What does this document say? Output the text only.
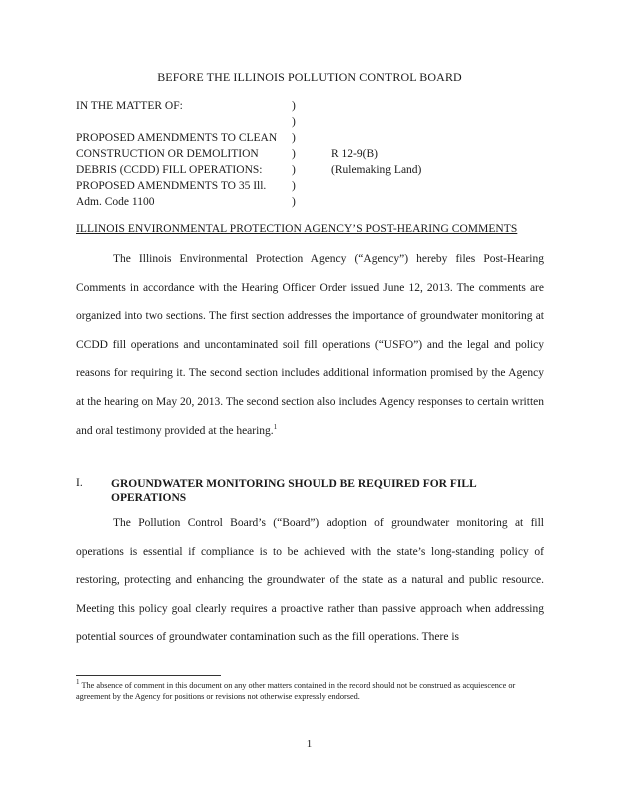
BEFORE THE ILLINOIS POLLUTION CONTROL BOARD
IN THE MATTER OF:
PROPOSED AMENDMENTS TO CLEAN
CONSTRUCTION OR DEMOLITION
DEBRIS (CCDD) FILL OPERATIONS:
PROPOSED AMENDMENTS TO 35 Ill.
Adm. Code 1100
)
)
)
)
)
)
)
R 12-9(B)
(Rulemaking Land)
ILLINOIS ENVIRONMENTAL PROTECTION AGENCY’S POST-HEARING COMMENTS
The Illinois Environmental Protection Agency (“Agency”) hereby files Post-Hearing Comments in accordance with the Hearing Officer Order issued June 12, 2013. The comments are organized into two sections. The first section addresses the importance of groundwater monitoring at CCDD fill operations and uncontaminated soil fill operations (“USFO”) and the legal and policy reasons for requiring it. The second section includes additional information promised by the Agency at the hearing on May 20, 2013. The second section also includes Agency responses to certain written and oral testimony provided at the hearing.$^1$
I. GROUNDWATER MONITORING SHOULD BE REQUIRED FOR FILL OPERATIONS
The Pollution Control Board’s (“Board”) adoption of groundwater monitoring at fill operations is essential if compliance is to be achieved with the state’s long-standing policy of restoring, protecting and enhancing the groundwater of the state as a natural and public resource. Meeting this policy goal clearly requires a proactive rather than passive approach when addressing potential sources of groundwater contamination such as the fill operations. There is
$^1$ The absence of comment in this document on any other matters contained in the record should not be construed as acquiescence or agreement by the Agency for positions or revisions not otherwise expressly endorsed.
1
